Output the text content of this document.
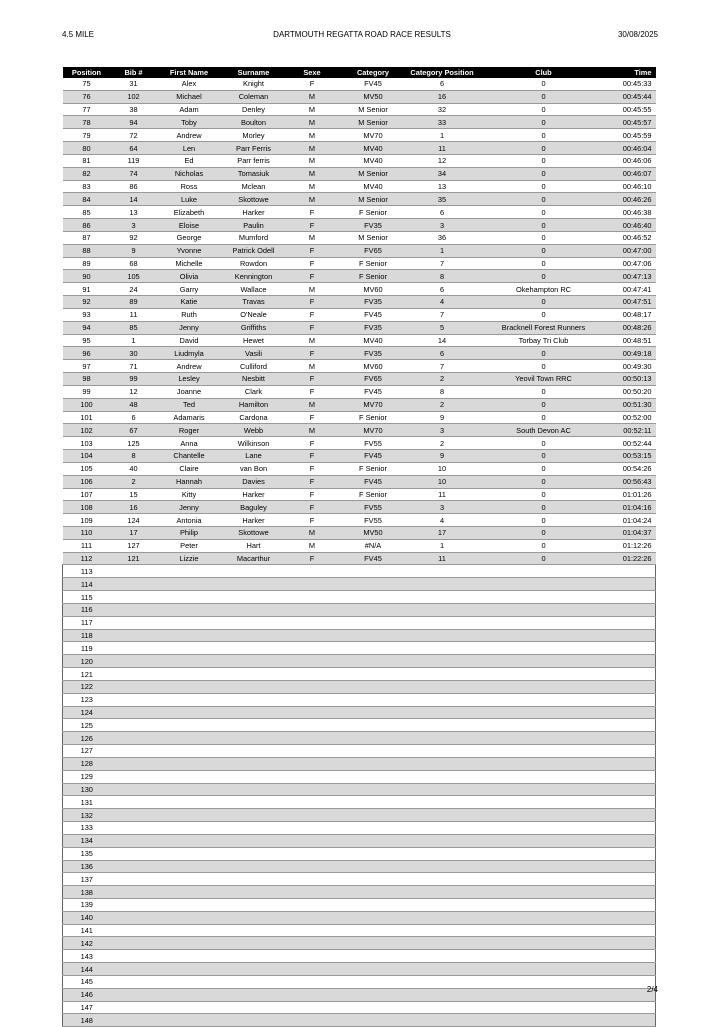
4.5 MILE	DARTMOUTH REGATTA ROAD RACE RESULTS	30/08/2025
Position	Bib #	First Name	Surname	Sexe	Category	Category Position	Club	Time
75	31	Alex	Knight	F	FV45	6	0	00:45:33
76	102	Michael	Coleman	M	MV50	16	0	00:45:44
77	38	Adam	Denley	M	M Senior	32	0	00:45:55
78	94	Toby	Boulton	M	M Senior	33	0	00:45:57
79	72	Andrew	Morley	M	MV70	1	0	00:45:59
80	64	Len	Parr Ferris	M	MV40	11	0	00:46:04
81	119	Ed	Parr ferris	M	MV40	12	0	00:46:06
82	74	Nicholas	Tomasiuk	M	M Senior	34	0	00:46:07
83	86	Ross	Mclean	M	MV40	13	0	00:46:10
84	14	Luke	Skottowe	M	M Senior	35	0	00:46:26
85	13	Elizabeth	Harker	F	F Senior	6	0	00:46:38
86	3	Eloise	Paulin	F	FV35	3	0	00:46:40
87	92	George	Mumford	M	M Senior	36	0	00:46:52
88	9	Yvonne	Patrick Odell	F	FV65	1	0	00:47:00
89	68	Michelle	Rowdon	F	F Senior	7	0	00:47:06
90	105	Olivia	Kennington	F	F Senior	8	0	00:47:13
91	24	Garry	Wallace	M	MV60	6	Okehampton RC	00:47:41
92	89	Katie	Travas	F	FV35	4	0	00:47:51
93	11	Ruth	O'Neale	F	FV45	7	0	00:48:17
94	85	Jenny	Griffiths	F	FV35	5	Bracknell Forest Runners	00:48:26
95	1	David	Hewet	M	MV40	14	Torbay Tri Club	00:48:51
96	30	Liudmyla	Vasili	F	FV35	6	0	00:49:18
97	71	Andrew	Culliford	M	MV60	7	0	00:49:30
98	99	Lesley	Nesbitt	F	FV65	2	Yeovil Town RRC	00:50:13
99	12	Joanne	Clark	F	FV45	8	0	00:50:20
100	48	Ted	Hamilton	M	MV70	2	0	00:51:30
101	6	Adamaris	Cardona	F	F Senior	9	0	00:52:00
102	67	Roger	Webb	M	MV70	3	South Devon AC	00:52:11
103	125	Anna	Wilkinson	F	FV55	2	0	00:52:44
104	8	Chantelle	Lane	F	FV45	9	0	00:53:15
105	40	Claire	van Bon	F	F Senior	10	0	00:54:26
106	2	Hannah	Davies	F	FV45	10	0	00:56:43
107	15	Kitty	Harker	F	F Senior	11	0	01:01:26
108	16	Jenny	Baguley	F	FV55	3	0	01:04:16
109	124	Antonia	Harker	F	FV55	4	0	01:04:24
110	17	Philip	Skottowe	M	MV50	17	0	01:04:37
111	127	Peter	Hart	M	#N/A	1	0	01:12:26
112	121	Lizzie	Macarthur	F	FV45	11	0	01:22:26
113								
114								
115								
116								
117								
118								
119								
120								
121								
122								
123								
124								
125								
126								
127								
128								
129								
130								
131								
132								
133								
134								
135								
136								
137								
138								
139								
140								
141								
142								
143								
144								
145								
146								
147								
148								
2/4
